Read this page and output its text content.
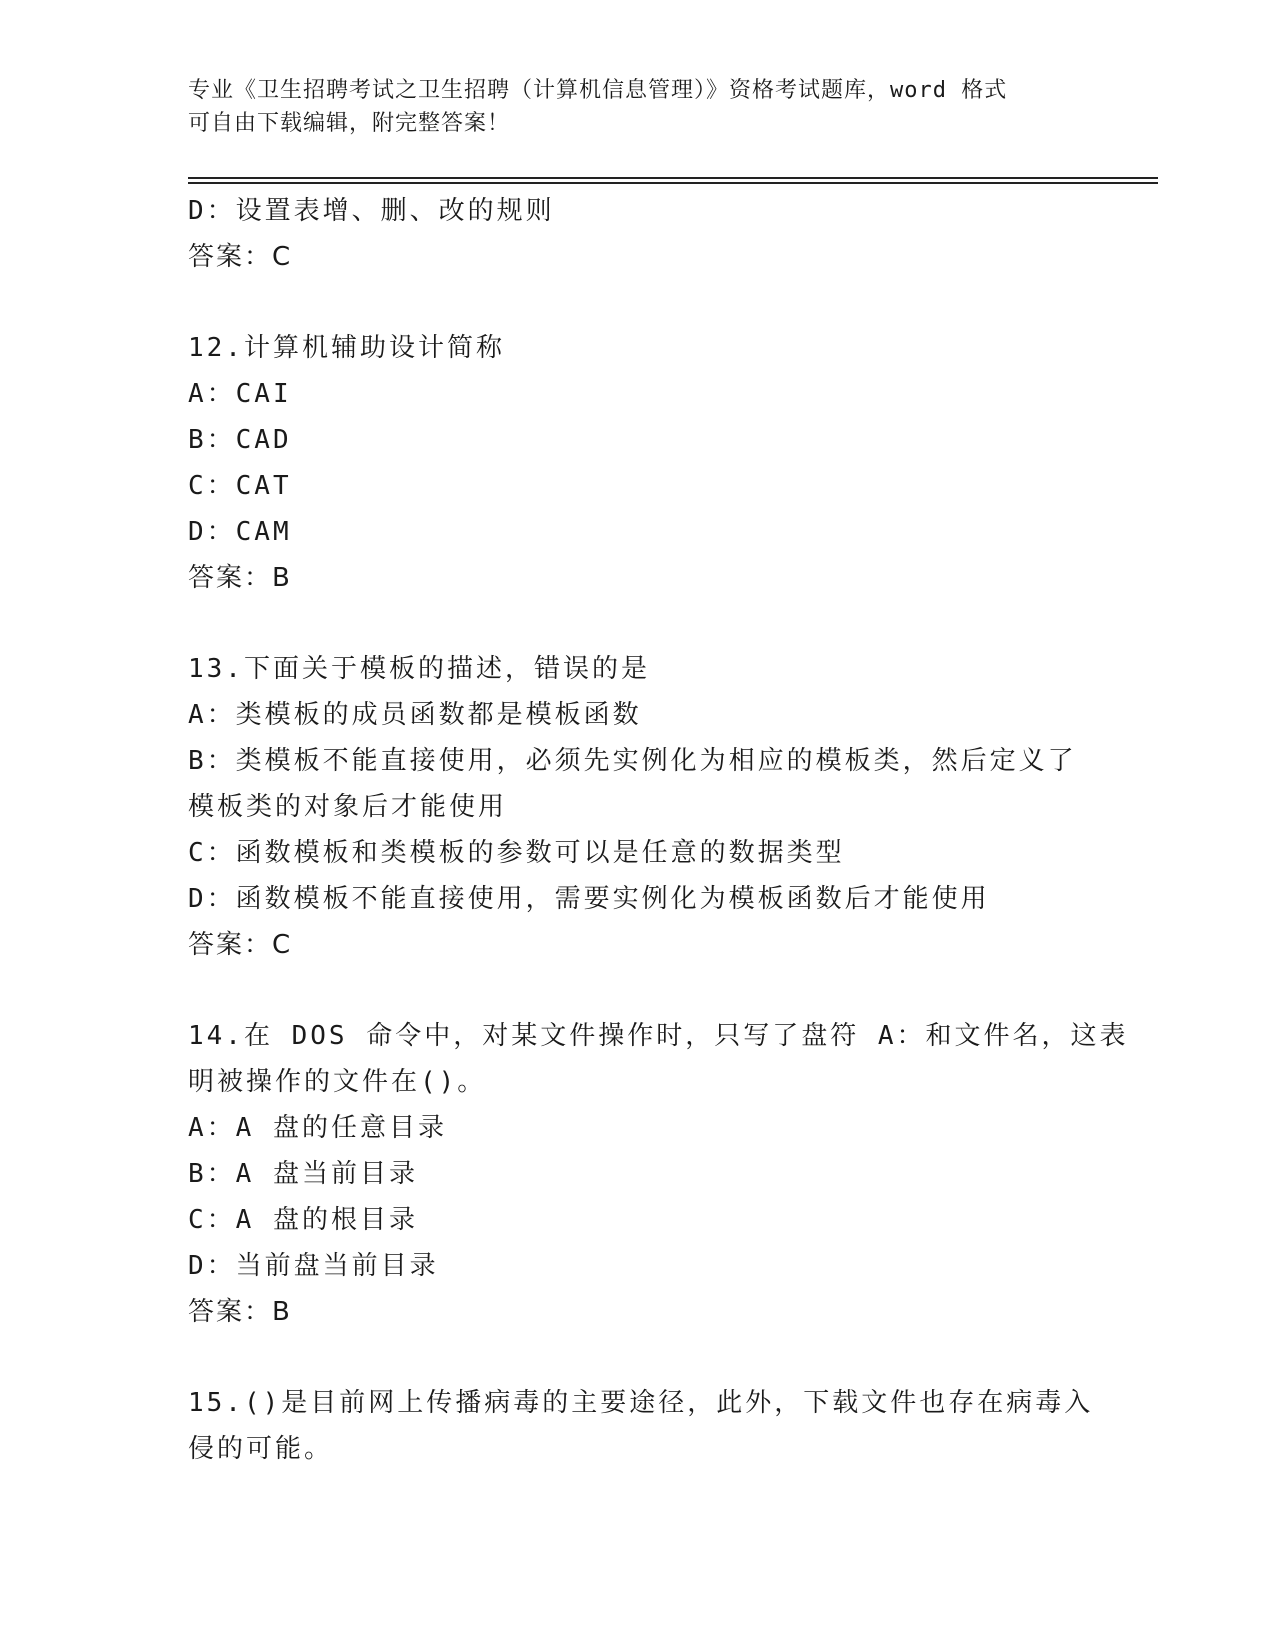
专业《卫生招聘考试之卫生招聘（计算机信息管理）》资格考试题库，word 格式
可自由下载编辑，附完整答案！
D：设置表增、删、改的规则
答案：C
12.计算机辅助设计简称
A：CAI
B：CAD
C：CAT
D：CAM
答案：B
13.下面关于模板的描述，错误的是
A：类模板的成员函数都是模板函数
B：类模板不能直接使用，必须先实例化为相应的模板类，然后定义了
模板类的对象后才能使用
C：函数模板和类模板的参数可以是任意的数据类型
D：函数模板不能直接使用，需要实例化为模板函数后才能使用
答案：C
14.在 DOS 命令中，对某文件操作时，只写了盘符 A：和文件名，这表
明被操作的文件在()。
A：A 盘的任意目录
B：A 盘当前目录
C：A 盘的根目录
D：当前盘当前目录
答案：B
15.()是目前网上传播病毒的主要途径，此外，下载文件也存在病毒入
侵的可能。
